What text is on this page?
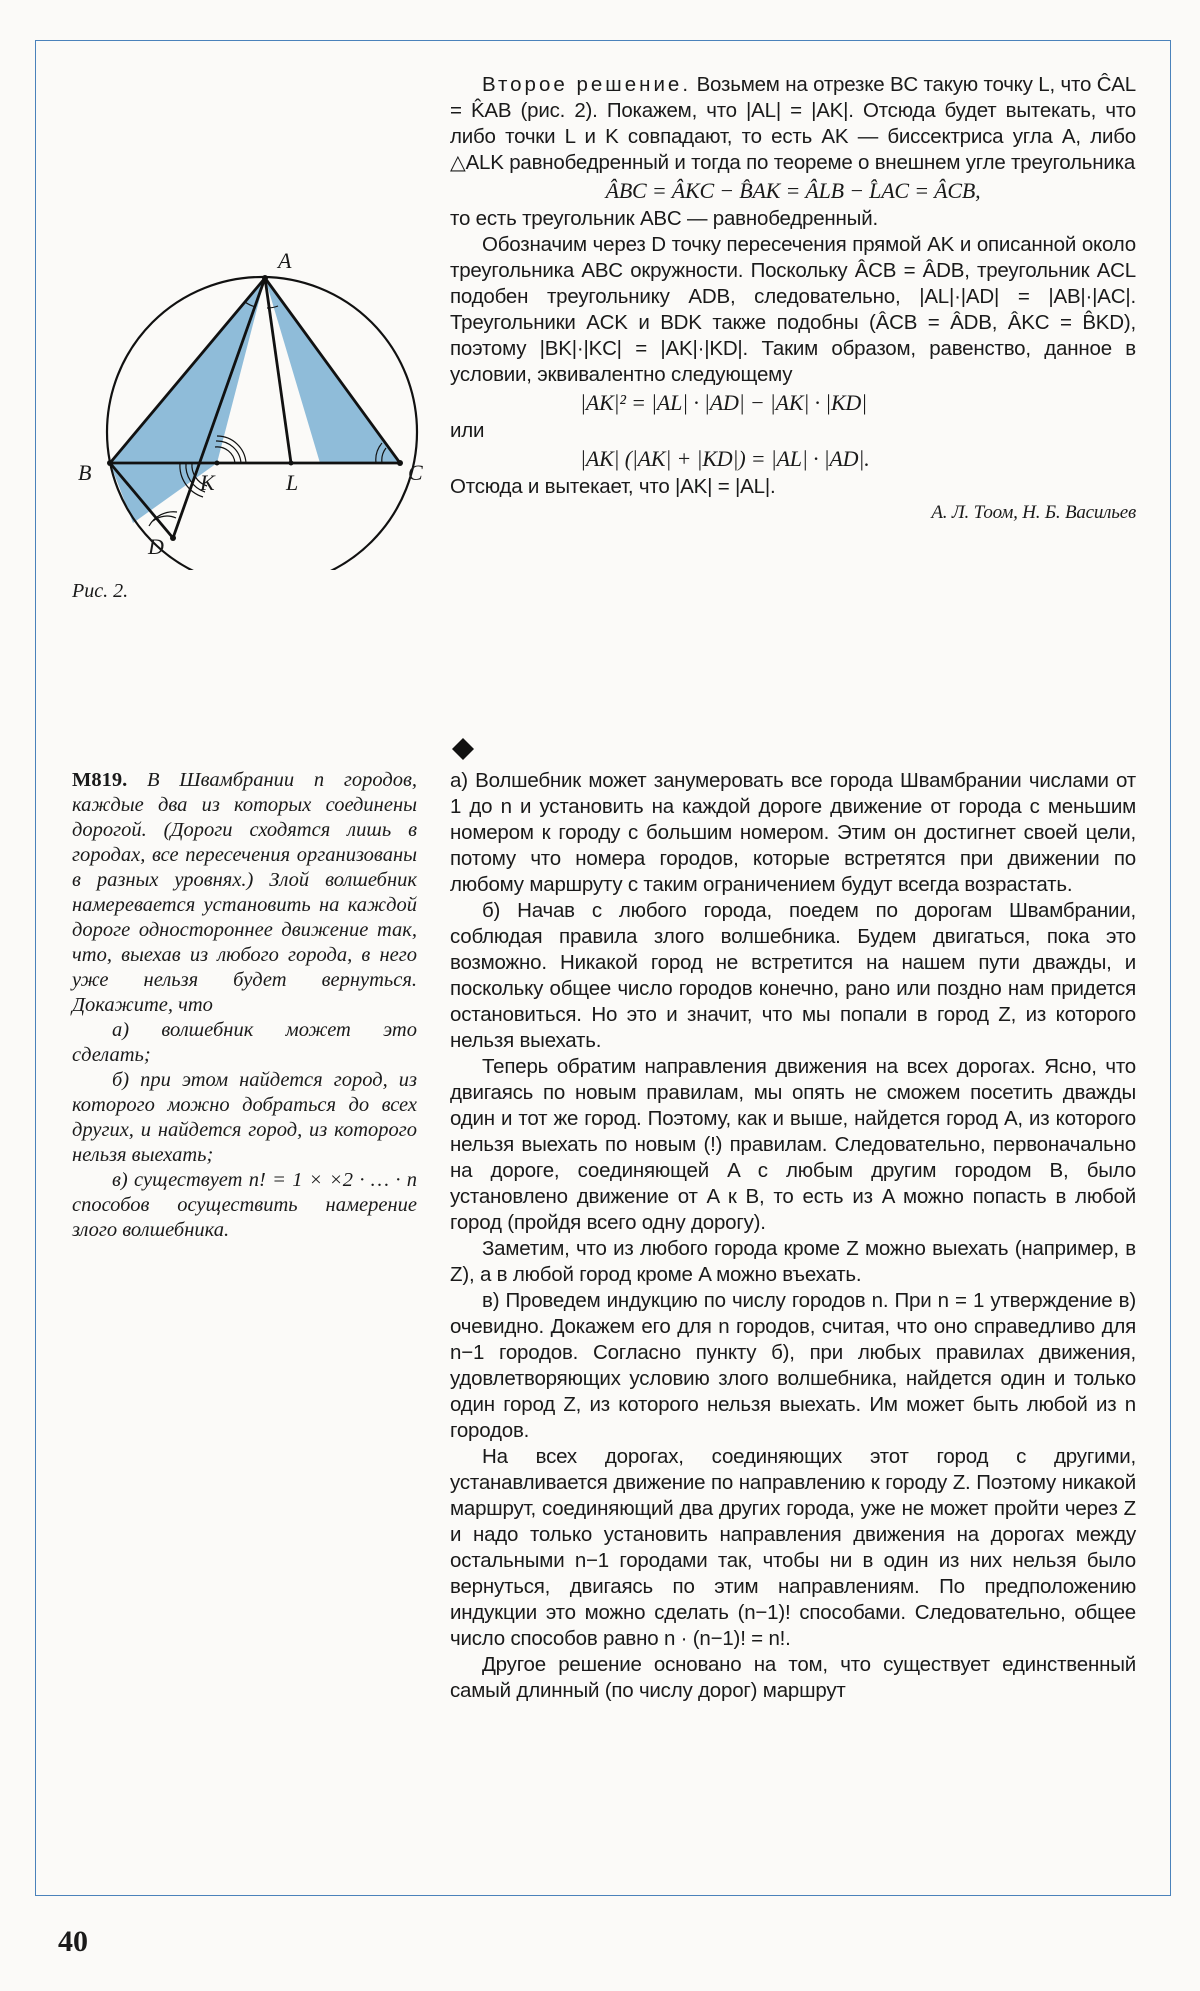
A
B	C
K	L
D
Рис. 2.

Второе решение. Возьмем на отрезке BC такую точку L, что ĈAL = K̂AB (рис. 2). Покажем, что |AL| = |AK|. Отсюда будет вытекать, что либо точки L и K совпадают, то есть AK — биссектриса угла A, либо △ALK равнобедренный и тогда по теореме о внешнем угле треугольника

ÂBC = ÂKC − B̂AK = ÂLB − L̂AC = ÂCB,

то есть треугольник ABC — равнобедренный.

Обозначим через D точку пересечения прямой AK и описанной около треугольника ABC окружности. Поскольку ÂCB = ÂDB, треугольник ACL подобен треугольнику ADB, следовательно, |AL|·|AD| = |AB|·|AC|. Треугольники ACK и BDK также подобны (ÂCB = ÂDB, ÂKC = B̂KD), поэтому |BK|·|KC| = |AK|·|KD|. Таким образом, равенство, данное в условии, эквивалентно следующему

|AK|² = |AL| · |AD| − |AK| · |KD|

или

|AK| (|AK| + |KD|) = |AL| · |AD|.

Отсюда и вытекает, что |AK| = |AL|.

А. Л. Тоом, Н. Б. Васильев

M819. В Швамбрании n городов, каждые два из которых соединены дорогой. (Дороги сходятся лишь в городах, все пересечения организованы в разных уровнях.) Злой волшебник намеревается установить на каждой дороге одностороннее движение так, что, выехав из любого города, в него уже нельзя будет вернуться. Докажите, что

а) волшебник может это сделать;

б) при этом найдется город, из которого можно добраться до всех других, и найдется город, из которого нельзя выехать;

в) существует n! = 1 × ×2 · … · n способов осуществить намерение злого волшебника.

а) Волшебник может занумеровать все города Швамбрании числами от 1 до n и установить на каждой дороге движение от города с меньшим номером к городу с большим номером. Этим он достигнет своей цели, потому что номера городов, которые встретятся при движении по любому маршруту с таким ограничением будут всегда возрастать.

б) Начав с любого города, поедем по дорогам Швамбрании, соблюдая правила злого волшебника. Будем двигаться, пока это возможно. Никакой город не встретится на нашем пути дважды, и поскольку общее число городов конечно, рано или поздно нам придется остановиться. Но это и значит, что мы попали в город Z, из которого нельзя выехать.

Теперь обратим направления движения на всех дорогах. Ясно, что двигаясь по новым правилам, мы опять не сможем посетить дважды один и тот же город. Поэтому, как и выше, найдется город A, из которого нельзя выехать по новым (!) правилам. Следовательно, первоначально на дороге, соединяющей A с любым другим городом B, было установлено движение от A к B, то есть из A можно попасть в любой город (пройдя всего одну дорогу).

Заметим, что из любого города кроме Z можно выехать (например, в Z), а в любой город кроме A можно въехать.

в) Проведем индукцию по числу городов n. При n = 1 утверждение в) очевидно. Докажем его для n городов, считая, что оно справедливо для n−1 городов. Согласно пункту б), при любых правилах движения, удовлетворяющих условию злого волшебника, найдется один и только один город Z, из которого нельзя выехать. Им может быть любой из n городов.

На всех дорогах, соединяющих этот город с другими, устанавливается движение по направлению к городу Z. Поэтому никакой маршрут, соединяющий два других города, уже не может пройти через Z и надо только установить направления движения на дорогах между остальными n−1 городами так, чтобы ни в один из них нельзя было вернуться, двигаясь по этим направлениям. По предположению индукции это можно сделать (n−1)! способами. Следовательно, общее число способов равно n · (n−1)! = n!.

Другое решение основано на том, что существует единственный самый длинный (по числу дорог) маршрут

40
